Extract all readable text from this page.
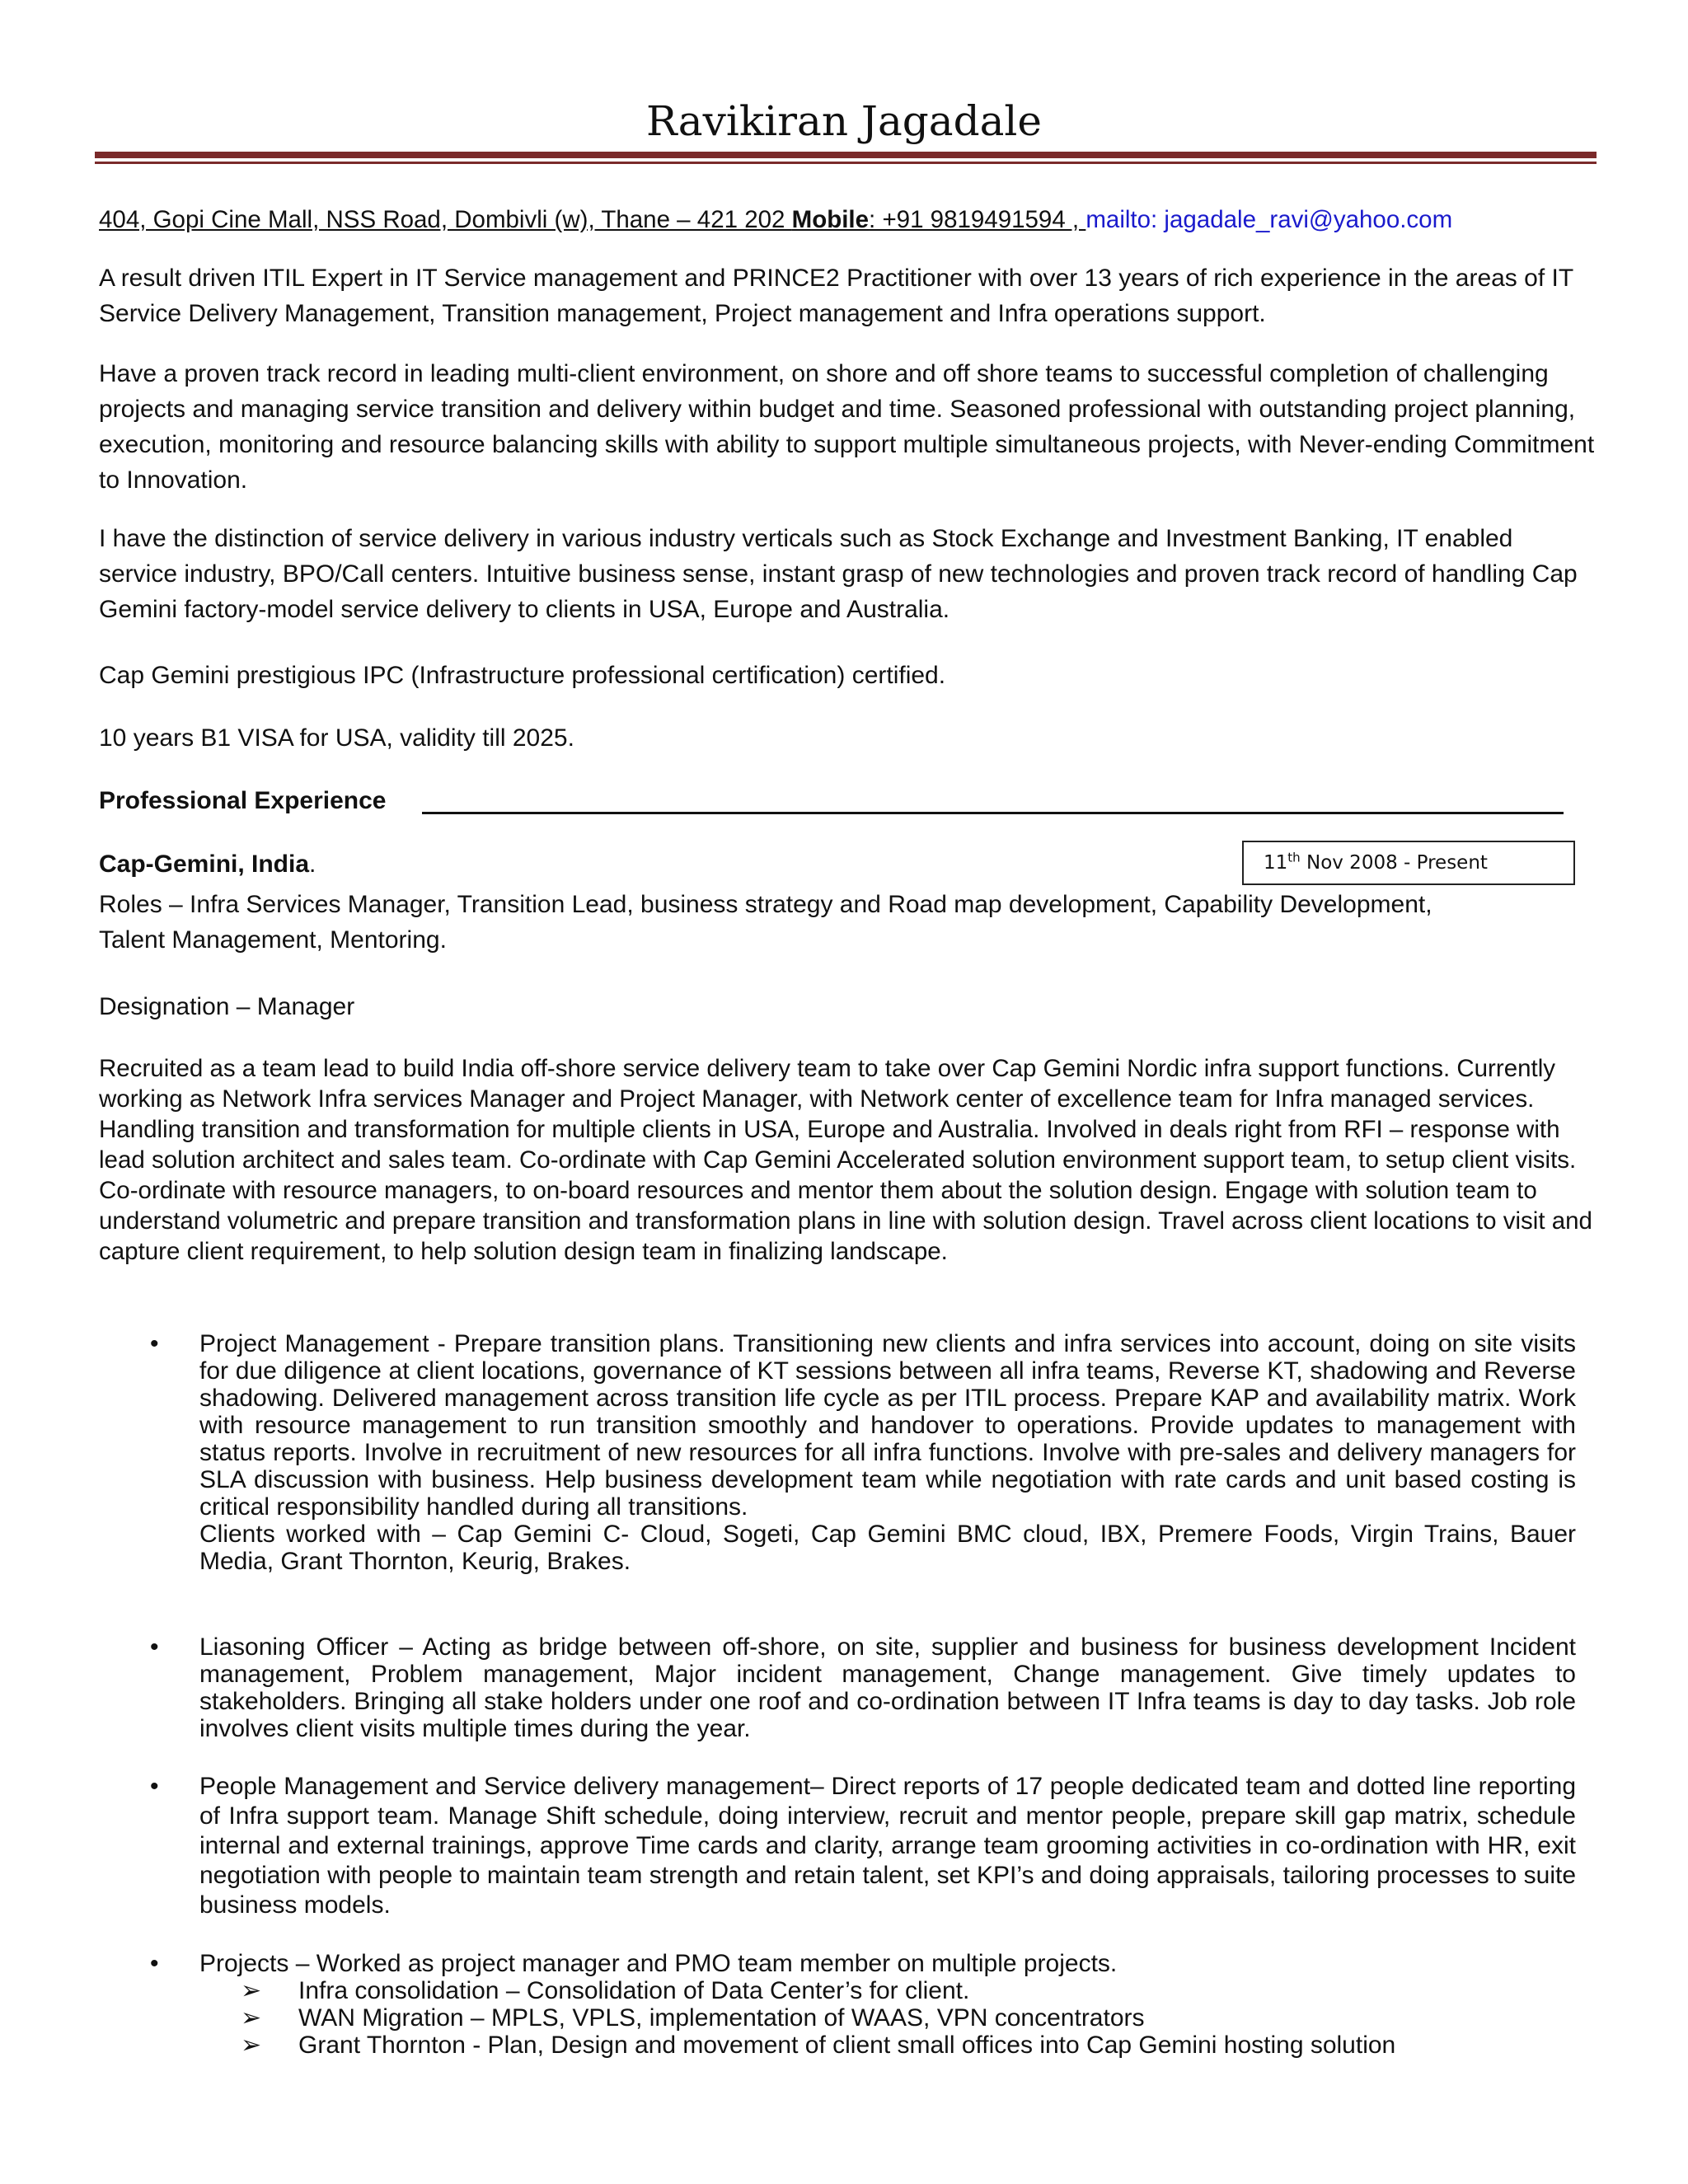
Ravikiran Jagadale
404, Gopi Cine Mall, NSS Road, Dombivli (w), Thane – 421 202 Mobile: +91 9819491594 , mailto: jagadale_ravi@yahoo.com

A result driven ITIL Expert in IT Service management and PRINCE2 Practitioner with over 13 years of rich experience in the areas of IT Service Delivery Management, Transition management, Project management and Infra operations support.

Have a proven track record in leading multi-client environment, on shore and off shore teams to successful completion of challenging projects and managing service transition and delivery within budget and time. Seasoned professional with outstanding project planning, execution, monitoring and resource balancing skills with ability to support multiple simultaneous projects, with Never-ending Commitment to Innovation.

I have the distinction of service delivery in various industry verticals such as Stock Exchange and Investment Banking, IT enabled service industry, BPO/Call centers. Intuitive business sense, instant grasp of new technologies and proven track record of handling Cap Gemini factory-model service delivery to clients in USA, Europe and Australia.

Cap Gemini prestigious IPC (Infrastructure professional certification) certified.

10 years B1 VISA for USA, validity till 2025.

Professional Experience
Cap-Gemini, India.	11th Nov 2008 - Present

Roles – Infra Services Manager, Transition Lead, business strategy and Road map development, Capability Development, Talent Management, Mentoring.

Designation – Manager

Recruited as a team lead to build India off-shore service delivery team to take over Cap Gemini Nordic infra support functions. Currently working as Network Infra services Manager and Project Manager, with Network center of excellence team for Infra managed services. Handling transition and transformation for multiple clients in USA, Europe and Australia. Involved in deals right from RFI – response with lead solution architect and sales team. Co-ordinate with Cap Gemini Accelerated solution environment support team, to setup client visits. Co-ordinate with resource managers, to on-board resources and mentor them about the solution design. Engage with solution team to understand volumetric and prepare transition and transformation plans in line with solution design. Travel across client locations to visit and capture client requirement, to help solution design team in finalizing landscape.

• Project Management - Prepare transition plans. Transitioning new clients and infra services into account, doing on site visits for due diligence at client locations, governance of KT sessions between all infra teams, Reverse KT, shadowing and Reverse shadowing. Delivered management across transition life cycle as per ITIL process. Prepare KAP and availability matrix. Work with resource management to run transition smoothly and handover to operations. Provide updates to management with status reports. Involve in recruitment of new resources for all infra functions. Involve with pre-sales and delivery managers for SLA discussion with business. Help business development team while negotiation with rate cards and unit based costing is critical responsibility handled during all transitions.
Clients worked with – Cap Gemini C- Cloud, Sogeti, Cap Gemini BMC cloud, IBX, Premere Foods, Virgin Trains, Bauer Media, Grant Thornton, Keurig, Brakes.
• Liasoning Officer – Acting as bridge between off-shore, on site, supplier and business for business development Incident management, Problem management, Major incident management, Change management. Give timely updates to stakeholders. Bringing all stake holders under one roof and co-ordination between IT Infra teams is day to day tasks. Job role involves client visits multiple times during the year.
• People Management and Service delivery management– Direct reports of 17 people dedicated team and dotted line reporting of Infra support team. Manage Shift schedule, doing interview, recruit and mentor people, prepare skill gap matrix, schedule internal and external trainings, approve Time cards and clarity, arrange team grooming activities in co-ordination with HR, exit negotiation with people to maintain team strength and retain talent, set KPI’s and doing appraisals, tailoring processes to suite business models.
• Projects – Worked as project manager and PMO team member on multiple projects.
➢ Infra consolidation – Consolidation of Data Center’s for client.
➢ WAN Migration – MPLS, VPLS, implementation of WAAS, VPN concentrators
➢ Grant Thornton - Plan, Design and movement of client small offices into Cap Gemini hosting solution
